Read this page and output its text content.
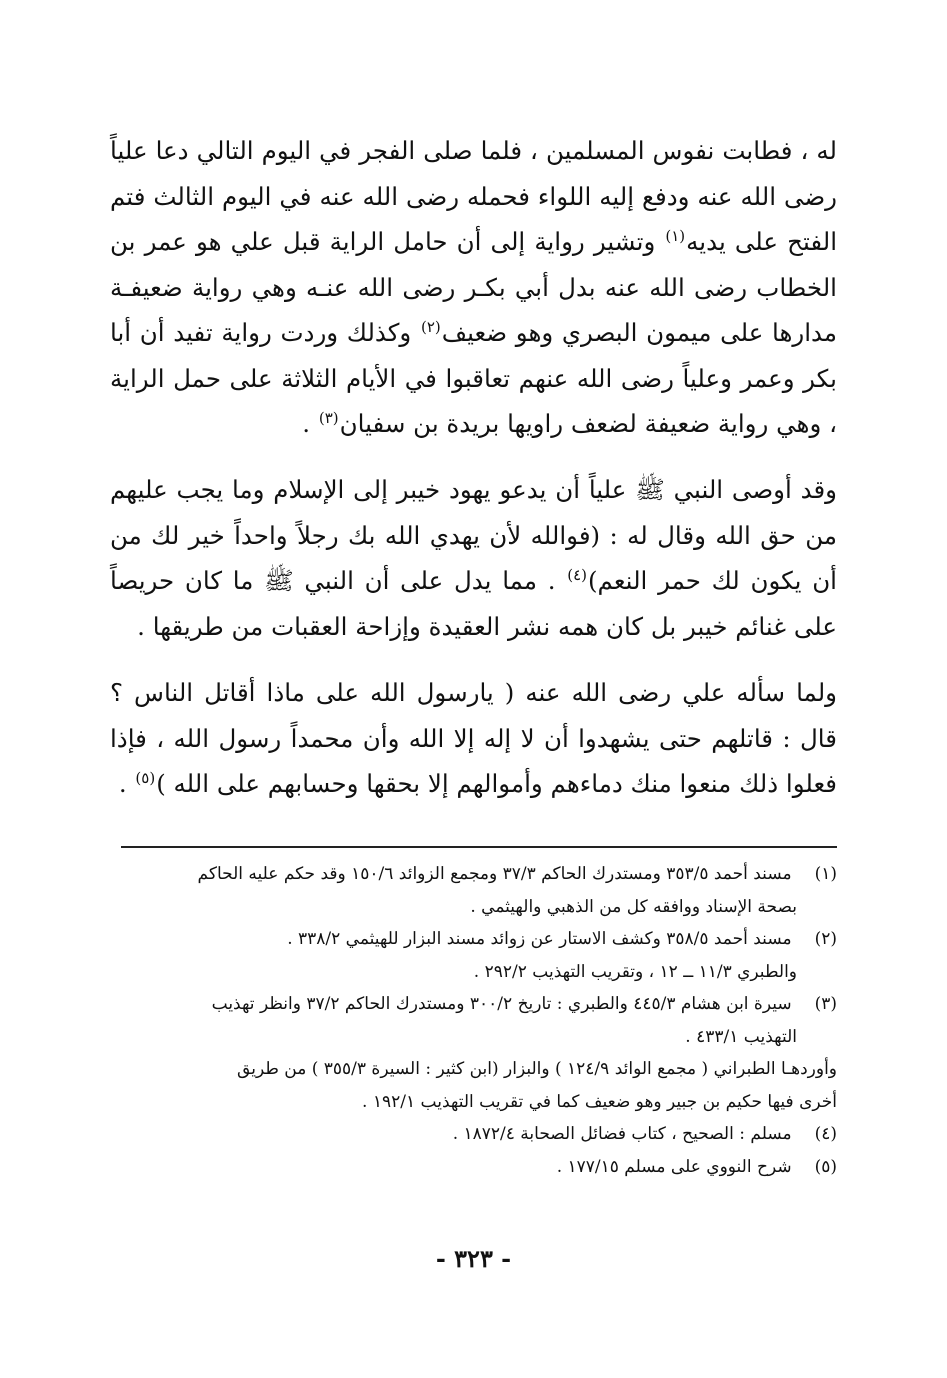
له ، فطابت نفوس المسلمين ، فلما صلى الفجر في اليوم التالي دعا علياً رضى الله عنه ودفع إليه اللواء فحمله رضى الله عنه في اليوم الثالث فتم الفتح على يديه$^{(١)}$ وتشير رواية إلى أن حامل الراية قبل علي هو عمر بن الخطاب رضى الله عنه بدل أبي بكـر رضى الله عنـه وهي رواية ضعيفـة مدارها على ميمون البصري وهو ضعيف$^{(٢)}$ وكذلك وردت رواية تفيد أن أبا بكر وعمر وعلياً رضى الله عنهم تعاقبوا في الأيام الثلاثة على حمل الراية ، وهي رواية ضعيفة لضعف راويها بريدة بن سفيان$^{(٣)}$ .

وقد أوصى النبي ﷺ علياً أن يدعو يهود خيبر إلى الإسلام وما يجب عليهم من حق الله وقال له : (فوالله لأن يهدي الله بك رجلاً واحداً خير لك من أن يكون لك حمر النعم)$^{(٤)}$ . مما يدل على أن النبي ﷺ ما كان حريصاً على غنائم خيبر بل كان همه نشر العقيدة وإزاحة العقبات من طريقها .

ولما سأله علي رضى الله عنه ( يارسول الله على ماذا أقاتل الناس ؟ قال : قاتلهم حتى يشهدوا أن لا إله إلا الله وأن محمداً رسول الله ، فإذا فعلوا ذلك منعوا منك دماءهم وأموالهم إلا بحقها وحسابهم على الله )$^{(٥)}$ .

(١) مسند أحمد ٣٥٣/٥ ومستدرك الحاكم ٣٧/٣ ومجمع الزوائد ١٥٠/٦ وقد حكم عليه الحاكم

بصحة الإسناد ووافقه كل من الذهبي والهيثمي .

(٢) مسند أحمد ٣٥٨/٥ وكشف الاستار عن زوائد مسند البزار للهيثمي ٣٣٨/٢ .

والطبري ١١/٣ ــ ١٢ ، وتقريب التهذيب ٢٩٢/٢ .

(٣) سيرة ابن هشام ٤٤٥/٣ والطبري : تاريخ ٣٠٠/٢ ومستدرك الحاكم ٣٧/٢ وانظر تهذيب

التهذيب ٤٣٣/١ .

وأوردهـا الطبراني ( مجمع الوائد ١٢٤/٩ ) والبزار (ابن كثير : السيرة ٣٥٥/٣ ) من طريق

أخرى فيها حكيم بن جبير وهو ضعيف كما في تقريب التهذيب ١٩٢/١ .

(٤) مسلم : الصحيح ، كتاب فضائل الصحابة ١٨٧٢/٤ .

(٥) شرح النووي على مسلم ١٧٧/١٥ .

- ٣٢٣ -
